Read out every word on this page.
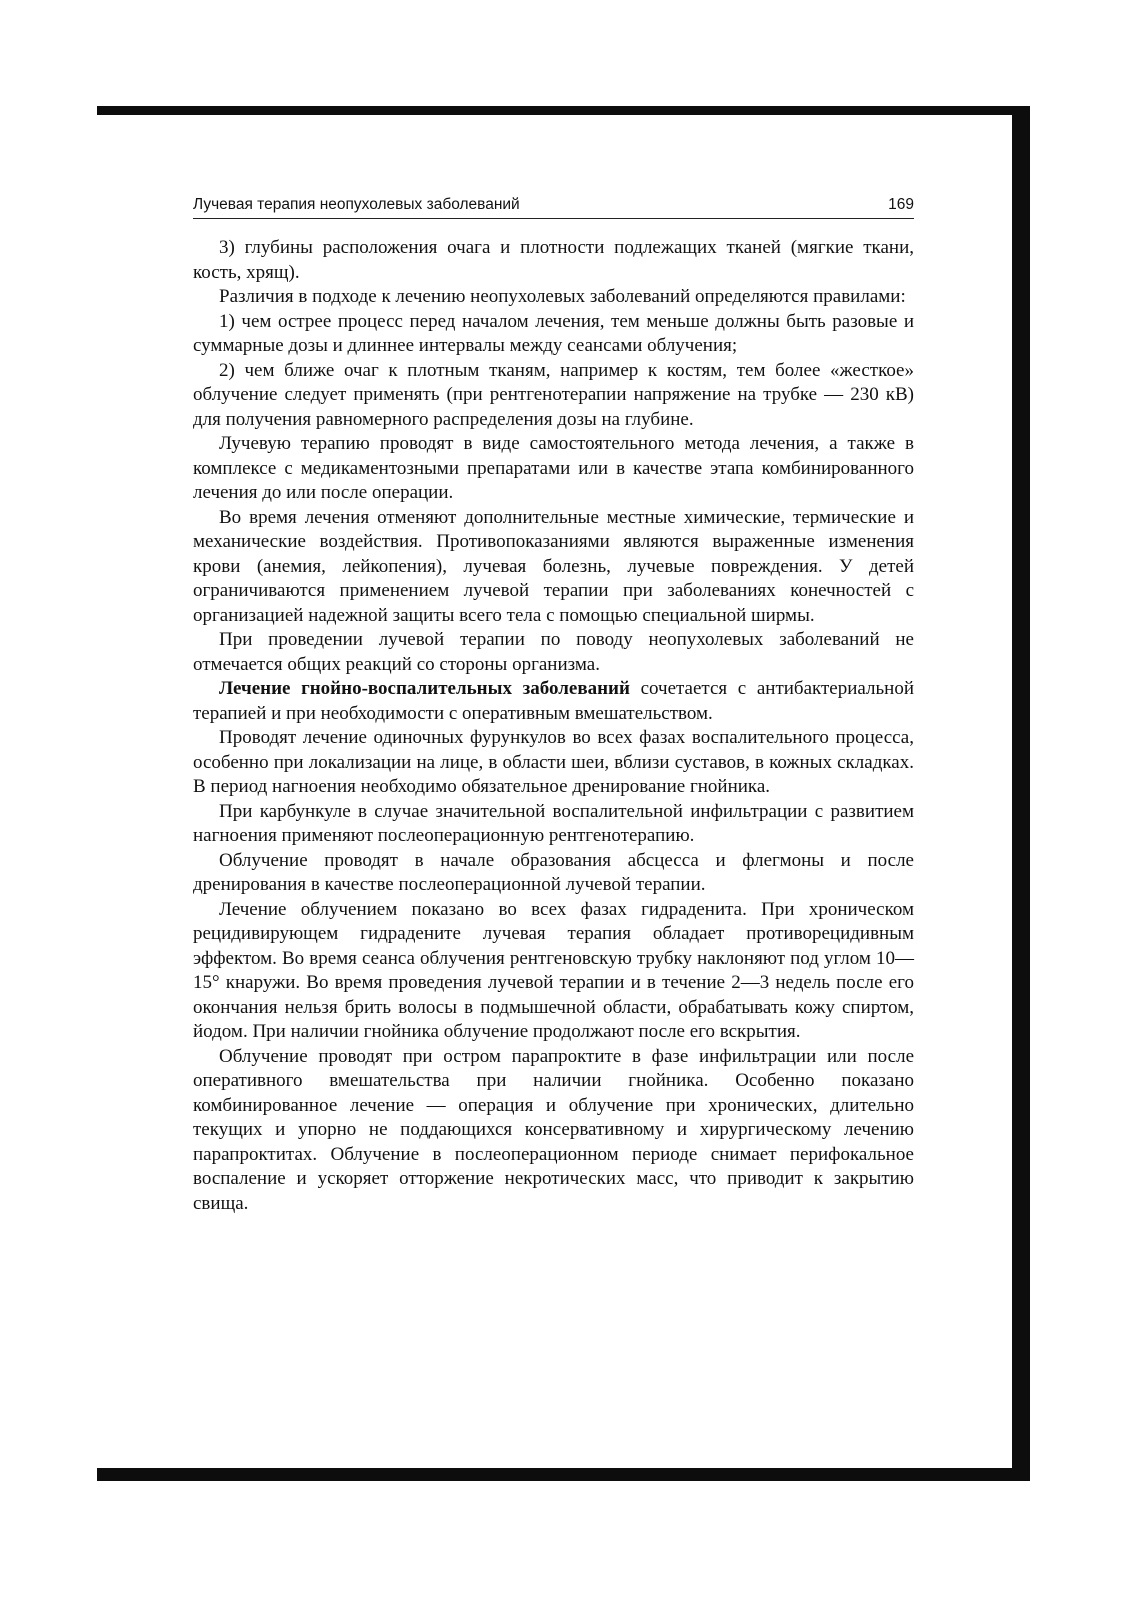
Лучевая терапия неопухолевых заболеваний	169

3) глубины расположения очага и плотности подлежащих тканей (мягкие ткани, кость, хрящ).

Различия в подходе к лечению неопухолевых заболеваний определяются правилами:

1) чем острее процесс перед началом лечения, тем меньше должны быть разовые и суммарные дозы и длиннее интервалы между сеансами облучения;

2) чем ближе очаг к плотным тканям, например к костям, тем более «жесткое» облучение следует применять (при рентгенотерапии напряжение на трубке — 230 кВ) для получения равномерного распределения дозы на глубине.

Лучевую терапию проводят в виде самостоятельного метода лечения, а также в комплексе с медикаментозными препаратами или в качестве этапа комбинированного лечения до или после операции.

Во время лечения отменяют дополнительные местные химические, термические и механические воздействия. Противопоказаниями являются выраженные изменения крови (анемия, лейкопения), лучевая болезнь, лучевые повреждения. У детей ограничиваются применением лучевой терапии при заболеваниях конечностей с организацией надежной защиты всего тела с помощью специальной ширмы.

При проведении лучевой терапии по поводу неопухолевых заболеваний не отмечается общих реакций со стороны организма.

Лечение гнойно-воспалительных заболеваний сочетается с антибактериальной терапией и при необходимости с оперативным вмешательством.

Проводят лечение одиночных фурункулов во всех фазах воспалительного процесса, особенно при локализации на лице, в области шеи, вблизи суставов, в кожных складках. В период нагноения необходимо обязательное дренирование гнойника.

При карбункуле в случае значительной воспалительной инфильтрации с развитием нагноения применяют послеоперационную рентгенотерапию.

Облучение проводят в начале образования абсцесса и флегмоны и после дренирования в качестве послеоперационной лучевой терапии.

Лечение облучением показано во всех фазах гидраденита. При хроническом рецидивирующем гидрадените лучевая терапия обладает противорецидивным эффектом. Во время сеанса облучения рентгеновскую трубку наклоняют под углом 10—15° кнаружи. Во время проведения лучевой терапии и в течение 2—3 недель после его окончания нельзя брить волосы в подмышечной области, обрабатывать кожу спиртом, йодом. При наличии гнойника облучение продолжают после его вскрытия.

Облучение проводят при остром парапроктите в фазе инфильтрации или после оперативного вмешательства при наличии гнойника. Особенно показано комбинированное лечение — операция и облучение при хронических, длительно текущих и упорно не поддающихся консервативному и хирургическому лечению парапроктитах. Облучение в послеоперационном периоде снимает перифокальное воспаление и ускоряет отторжение некротических масс, что приводит к закрытию свища.
